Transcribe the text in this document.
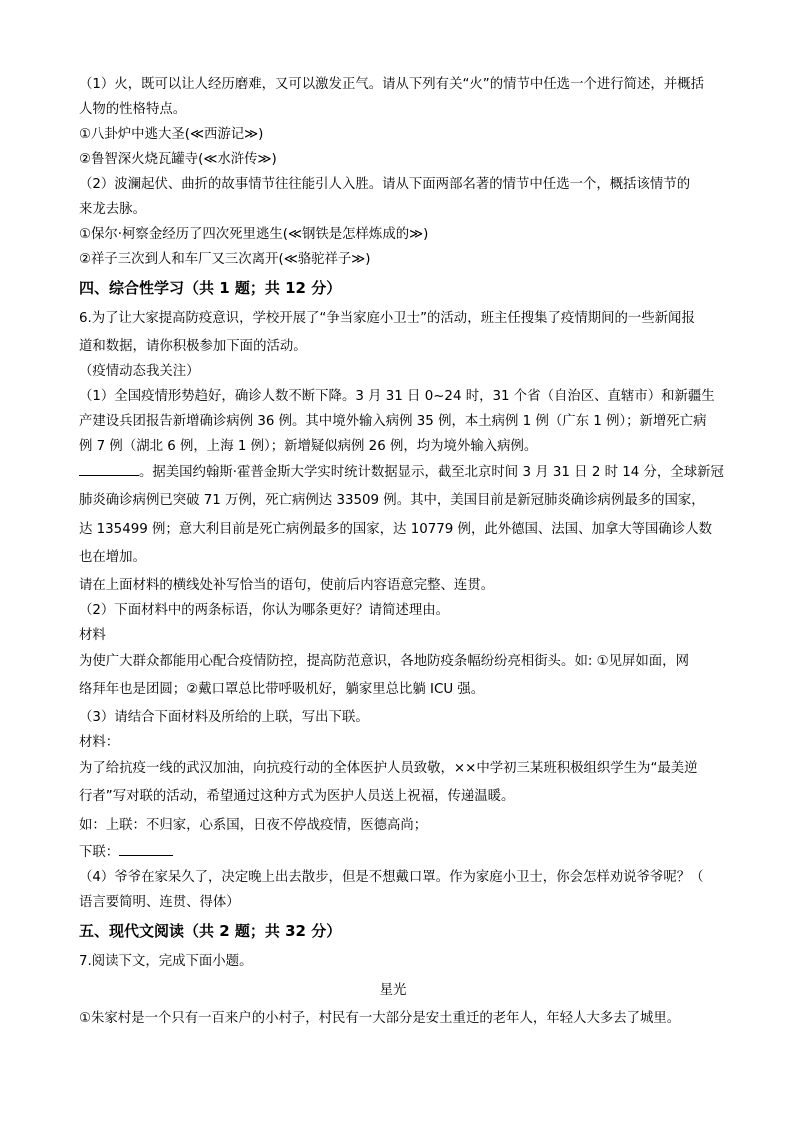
（1）火，既可以让人经历磨难，又可以激发正气。请从下列有关“火”的情节中任选一个进行简述，并概括
人物的性格特点。
①八卦炉中逃大圣(≪西游记≫)
②鲁智深火烧瓦罐寺(≪水浒传≫)
（2）波澜起伏、曲折的故事情节往往能引人入胜。请从下面两部名著的情节中任选一个，概括该情节的
来龙去脉。
①保尔·柯察金经历了四次死里逃生(≪钢铁是怎样炼成的≫)
②祥子三次到人和车厂又三次离开(≪骆驼祥子≫)
四、综合性学习（共 1 题；共 12 分）
6.为了让大家提高防疫意识，学校开展了“争当家庭小卫士”的活动，班主任搜集了疫情期间的一些新闻报
道和数据，请你积极参加下面的活动。
（疫情动态我关注）
（1）全国疫情形势趋好，确诊人数不断下降。3 月 31 日 0~24 时，31 个省（自治区、直辖市）和新疆生
产建设兵团报告新增确诊病例 36 例。其中境外输入病例 35 例，本土病例 1 例（广东 1 例）；新增死亡病
例 7 例（湖北 6 例，上海 1 例）；新增疑似病例 26 例，均为境外输入病例。
。据美国约翰斯·霍普金斯大学实时统计数据显示，截至北京时间 3 月 31 日 2 时 14 分，全球新冠
肺炎确诊病例已突破 71 万例，死亡病例达 33509 例。其中，美国目前是新冠肺炎确诊病例最多的国家，
达 135499 例；意大利目前是死亡病例最多的国家，达 10779 例，此外德国、法国、加拿大等国确诊人数
也在增加。
请在上面材料的横线处补写恰当的语句，使前后内容语意完整、连贯。
（2）下面材料中的两条标语，你认为哪条更好？请简述理由。
材料
为使广大群众都能用心配合疫情防控，提高防范意识，各地防疫条幅纷纷亮相街头。如: ①见屏如面，网
络拜年也是团圆；②戴口罩总比带呼吸机好，躺家里总比躺 ICU 强。
（3）请结合下面材料及所给的上联，写出下联。
材料：
为了给抗疫一线的武汉加油，向抗疫行动的全体医护人员致敬，××中学初三某班积极组织学生为“最美逆
行者”写对联的活动，希望通过这种方式为医护人员送上祝福，传递温暖。
如：上联：不归家，心系国，日夜不停战疫情，医德高尚；
下联：
（4）爷爷在家呆久了，决定晚上出去散步，但是不想戴口罩。作为家庭小卫士，你会怎样劝说爷爷呢？（
语言要简明、连贯、得体）
五、现代文阅读（共 2 题；共 32 分）
7.阅读下文，完成下面小题。
星光
①朱家村是一个只有一百来户的小村子，村民有一大部分是安土重迁的老年人，年轻人大多去了城里。
